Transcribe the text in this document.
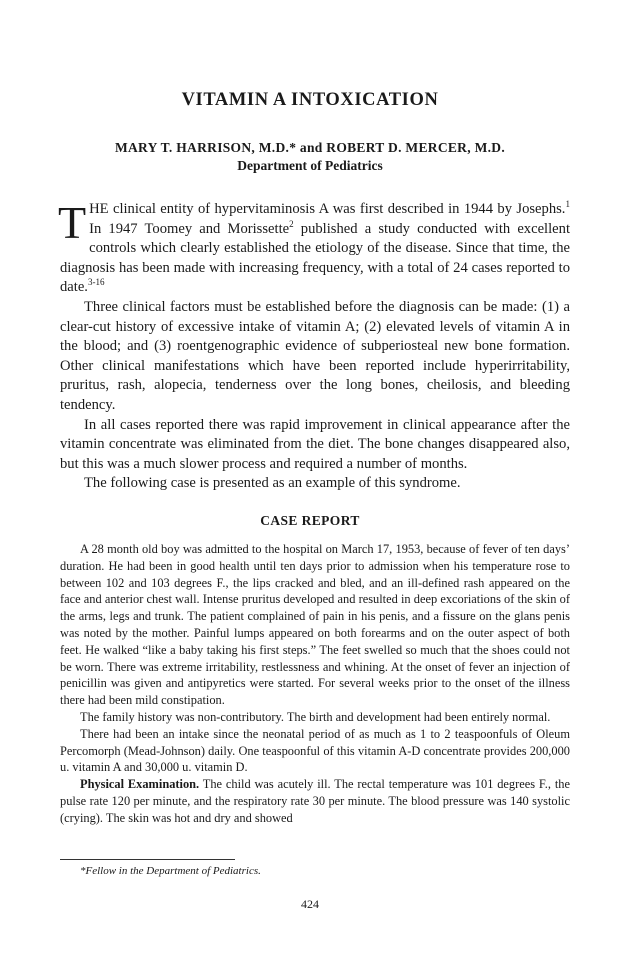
VITAMIN A INTOXICATION
MARY T. HARRISON, M.D.* and ROBERT D. MERCER, M.D.
Department of Pediatrics

THE clinical entity of hypervitaminosis A was first described in 1944 by Josephs.$^1$ In 1947 Toomey and Morissette$^2$ published a study conducted with excellent controls which clearly established the etiology of the disease. Since that time, the diagnosis has been made with increasing frequency, with a total of 24 cases reported to date.$^{3-16}$

Three clinical factors must be established before the diagnosis can be made: (1) a clear-cut history of excessive intake of vitamin A; (2) elevated levels of vitamin A in the blood; and (3) roentgenographic evidence of subperiosteal new bone formation. Other clinical manifestations which have been reported include hyperirritability, pruritus, rash, alopecia, tenderness over the long bones, cheilosis, and bleeding tendency.

In all cases reported there was rapid improvement in clinical appearance after the vitamin concentrate was eliminated from the diet. The bone changes disappeared also, but this was a much slower process and required a number of months.

The following case is presented as an example of this syndrome.

CASE REPORT

A 28 month old boy was admitted to the hospital on March 17, 1953, because of fever of ten days’ duration. He had been in good health until ten days prior to admission when his temperature rose to between 102 and 103 degrees F., the lips cracked and bled, and an ill-defined rash appeared on the face and anterior chest wall. Intense pruritus developed and resulted in deep excoriations of the skin of the arms, legs and trunk. The patient complained of pain in his penis, and a fissure on the glans penis was noted by the mother. Painful lumps appeared on both forearms and on the outer aspect of both feet. He walked “like a baby taking his first steps.” The feet swelled so much that the shoes could not be worn. There was extreme irritability, restlessness and whining. At the onset of fever an injection of penicillin was given and antipyretics were started. For several weeks prior to the onset of the illness there had been mild constipation.

The family history was non-contributory. The birth and development had been entirely normal.

There had been an intake since the neonatal period of as much as 1 to 2 teaspoonfuls of Oleum Percomorph (Mead-Johnson) daily. One teaspoonful of this vitamin A-D concentrate provides 200,000 u. vitamin A and 30,000 u. vitamin D.

Physical Examination. The child was acutely ill. The rectal temperature was 101 degrees F., the pulse rate 120 per minute, and the respiratory rate 30 per minute. The blood pressure was 140 systolic (crying). The skin was hot and dry and showed

*Fellow in the Department of Pediatrics.
424
